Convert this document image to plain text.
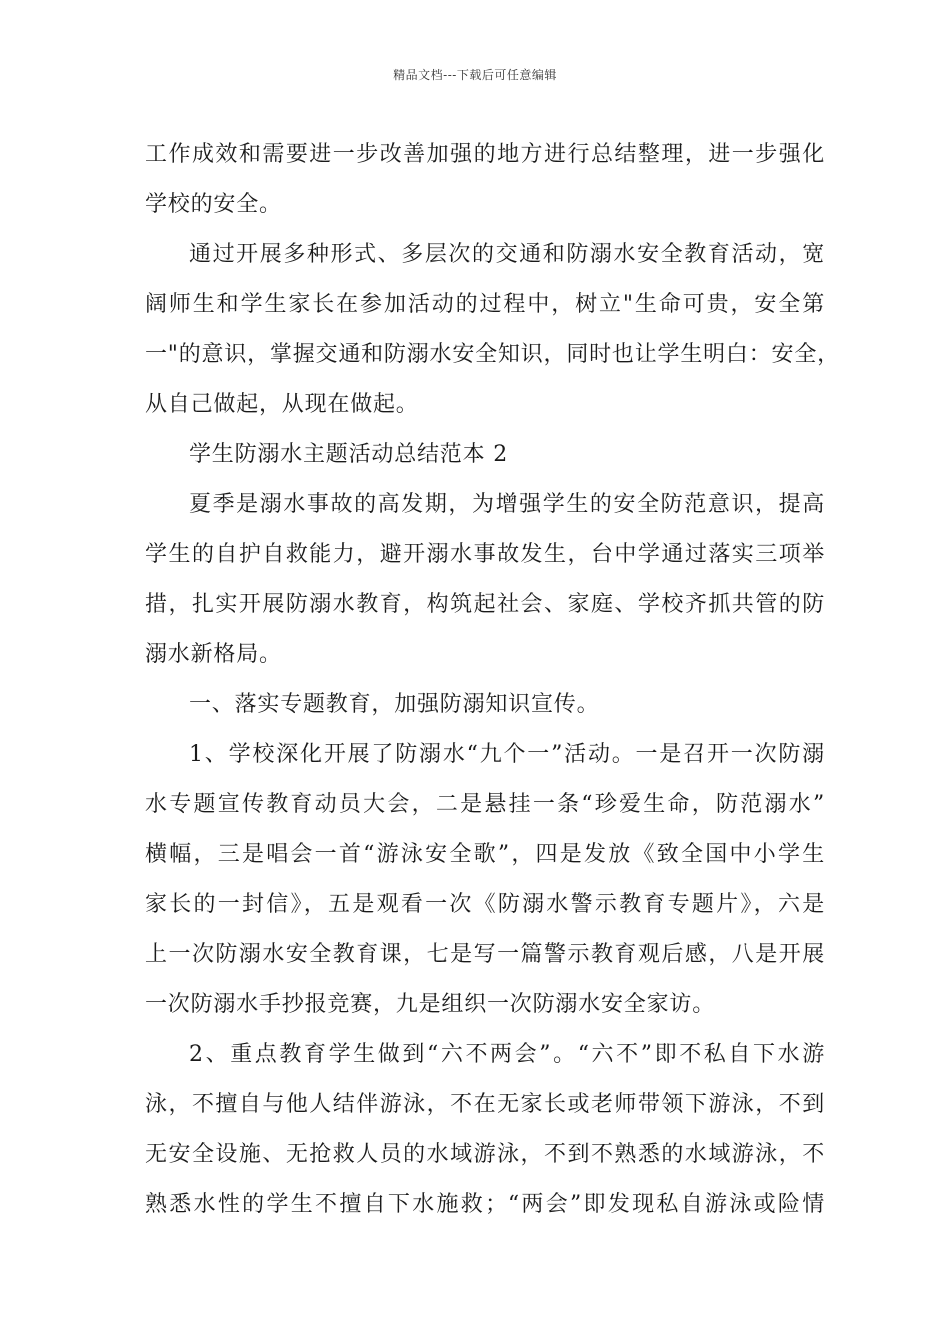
精品文档---下载后可任意编辑
工作成效和需要进一步改善加强的地方进行总结整理，进一步强化
学校的安全。
通过开展多种形式、多层次的交通和防溺水安全教育活动，宽
阔师生和学生家长在参加活动的过程中，树立"生命可贵，安全第
一"的意识，掌握交通和防溺水安全知识，同时也让学生明白：安全，
从自己做起，从现在做起。
学生防溺水主题活动总结范本 2
夏季是溺水事故的高发期，为增强学生的安全防范意识，提高
学生的自护自救能力，避开溺水事故发生，台中学通过落实三项举
措，扎实开展防溺水教育，构筑起社会、家庭、学校齐抓共管的防
溺水新格局。
一、落实专题教育，加强防溺知识宣传。
1、学校深化开展了防溺水“九个一”活动。一是召开一次防溺
水专题宣传教育动员大会，二是悬挂一条“珍爱生命，防范溺水”
横幅，三是唱会一首“游泳安全歌”，四是发放《致全国中小学生
家长的一封信》，五是观看一次《防溺水警示教育专题片》，六是
上一次防溺水安全教育课，七是写一篇警示教育观后感，八是开展
一次防溺水手抄报竞赛，九是组织一次防溺水安全家访。
2、重点教育学生做到“六不两会”。“六不”即不私自下水游
泳，不擅自与他人结伴游泳，不在无家长或老师带领下游泳，不到
无安全设施、无抢救人员的水域游泳，不到不熟悉的水域游泳，不
熟悉水性的学生不擅自下水施救；“两会”即发现私自游泳或险情
